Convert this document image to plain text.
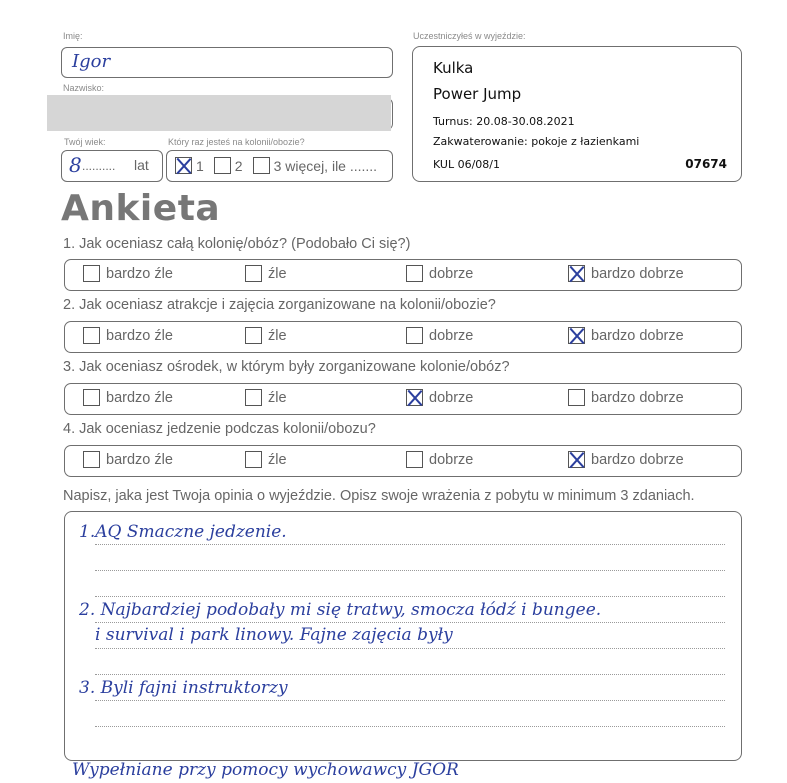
Imię:
Igor
Nazwisko:
Twój wiek:
8 .......... lat
Który raz jesteś na kolonii/obozie?
1 2 3 więcej, ile .......
Uczestniczyłeś w wyjeździe:
Kulka
Power Jump
Turnus: 20.08-30.08.2021
Zakwaterowanie: pokoje z łazienkami
KUL 06/08/1	07674
Ankieta
1. Jak oceniasz całą kolonię/obóz? (Podobało Ci się?)
bardzo źle	źle	dobrze	bardzo dobrze
2. Jak oceniasz atrakcje i zajęcia zorganizowane na kolonii/obozie?
bardzo źle	źle	dobrze	bardzo dobrze
3. Jak oceniasz ośrodek, w którym były zorganizowane kolonie/obóz?
bardzo źle	źle	dobrze	bardzo dobrze
4. Jak oceniasz jedzenie podczas kolonii/obozu?
bardzo źle	źle	dobrze	bardzo dobrze
Napisz, jaka jest Twoja opinia o wyjeździe. Opisz swoje wrażenia z pobytu w minimum 3 zdaniach.
1.AQ Smaczne jedzenie.
2. Najbardziej podobały mi się tratwy, smocza łódź i bungee.
i survival i park linowy. Fajne zajęcia były
3. Byli fajni instruktorzy
Wypełniane przy pomocy wychowawcy JGOR
